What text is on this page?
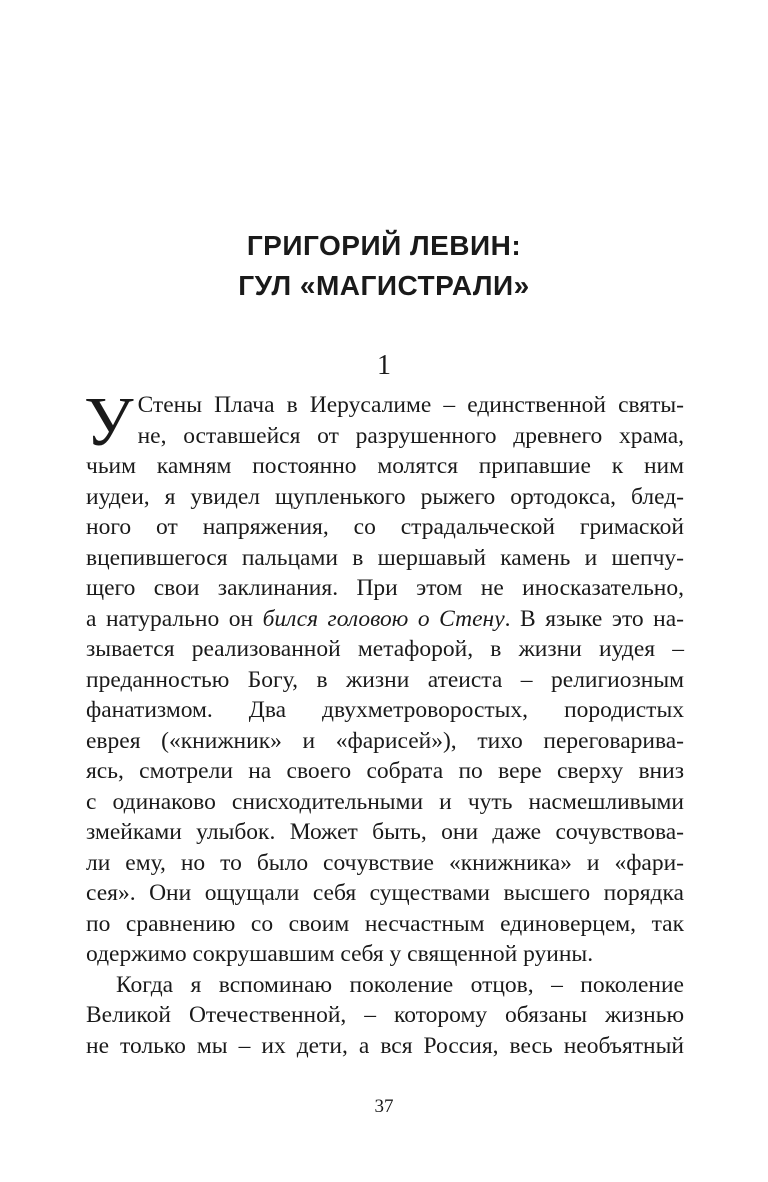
ГРИГОРИЙ ЛЕВИН:
ГУЛ «МАГИСТРАЛИ»
1
У Стены Плача в Иерусалиме – единственной святы-
не, оставшейся от разрушенного древнего храма,
чьим камням постоянно молятся припавшие к ним
иудеи, я увидел щупленького рыжего ортодокса, блед-
ного от напряжения, со страдальческой гримаской
вцепившегося пальцами в шершавый камень и шепчу-
щего свои заклинания. При этом не иносказательно,
а натурально он бился головою о Стену. В языке это на-
зывается реализованной метафорой, в жизни иудея –
преданностью Богу, в жизни атеиста – религиозным
фанатизмом. Два двухметроворостых, породистых
еврея («книжник» и «фарисей»), тихо переговарива-
ясь, смотрели на своего собрата по вере сверху вниз
с одинаково снисходительными и чуть насмешливыми
змейками улыбок. Может быть, они даже сочувствова-
ли ему, но то было сочувствие «книжника» и «фари-
сея». Они ощущали себя существами высшего порядка
по сравнению со своим несчастным единоверцем, так
одержимо сокрушавшим себя у священной руины.
Когда я вспоминаю поколение отцов, – поколение
Великой Отечественной, – которому обязаны жизнью
не только мы – их дети, а вся Россия, весь необъятный
37
